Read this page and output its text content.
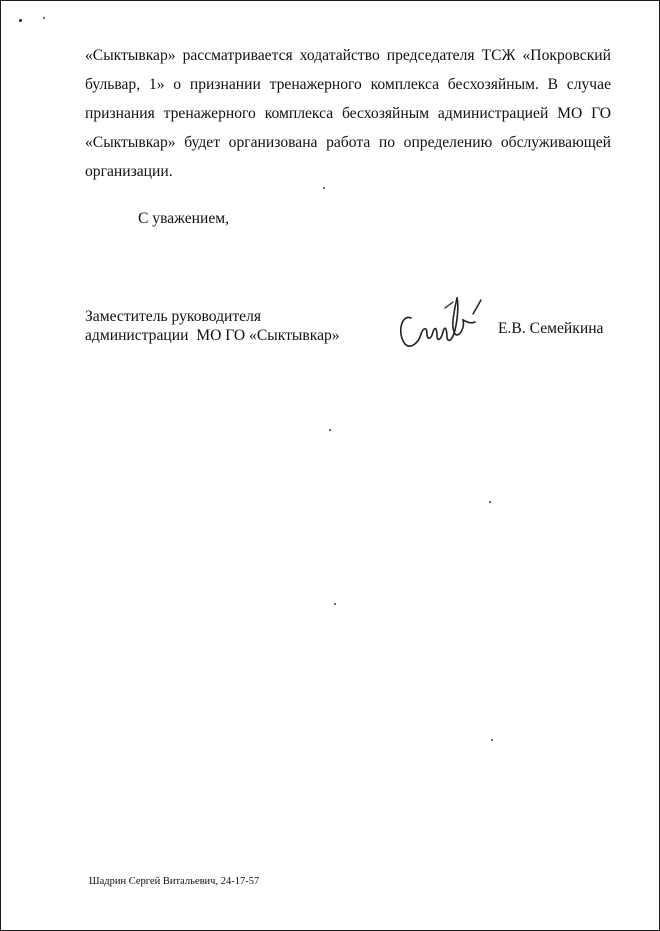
«Сыктывкар» рассматривается ходатайство председателя ТСЖ «Покровский бульвар, 1» о признании тренажерного комплекса бесхозяйным. В случае признания тренажерного комплекса бесхозяйным администрацией МО ГО «Сыктывкар» будет организована работа по определению обслуживающей организации.

С уважением,

Заместитель руководителя
администрации  МО ГО «Сыктывкар»	Е.В. Семейкина

Шадрин Сергей Витальевич, 24-17-57
